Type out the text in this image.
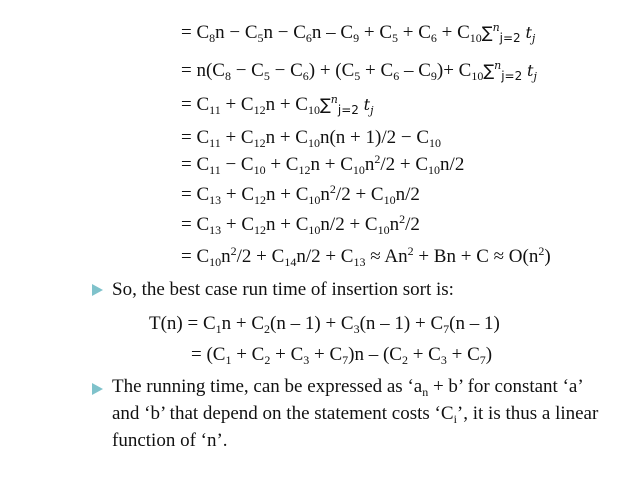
= $C_8n - C_5n - C_6n - C_9 + C_5 + C_6 + C_{10}\sum^n_{j=2}$ $t_j$
= $n(C_8 - C_5 - C_6) + (C_5 + C_6 - C_9)+ C_{10}\sum^n_{j=2}$ $t_j$
= $C_{11} + C_{12}n + C_{10}\sum^n_{j=2}$ $t_j$
= $C_{11} + C_{12}n + C_{10}n(n + 1)/2 - C_{10}$
= $C_{11} - C_{10} + C_{12}n + C_{10}n^2/2 + C_{10}n/2$
= $C_{13} + C_{12}n + C_{10}n^2/2 + C_{10}n/2$
= $C_{13} + C_{12}n + C_{10}n/2 + C_{10}n^2/2$
= $C_{10}n^2/2 + C_{14}n/2 + C_{13} \approx An^2 + Bn + C \approx O(n^2)$
So, the best case run time of insertion sort is:
$T(n) = C_1n + C_2(n - 1) + C_3(n - 1) + C_7(n - 1)$
= $(C_1 + C_2 + C_3 + C_7)n - (C_2 + C_3 + C_7)$
The running time, can be expressed as ‘$a_n + b$’ for constant ‘a’ and ‘b’ that depend on the statement costs ‘$C_i$’, it is thus a linear function of ‘n’.
